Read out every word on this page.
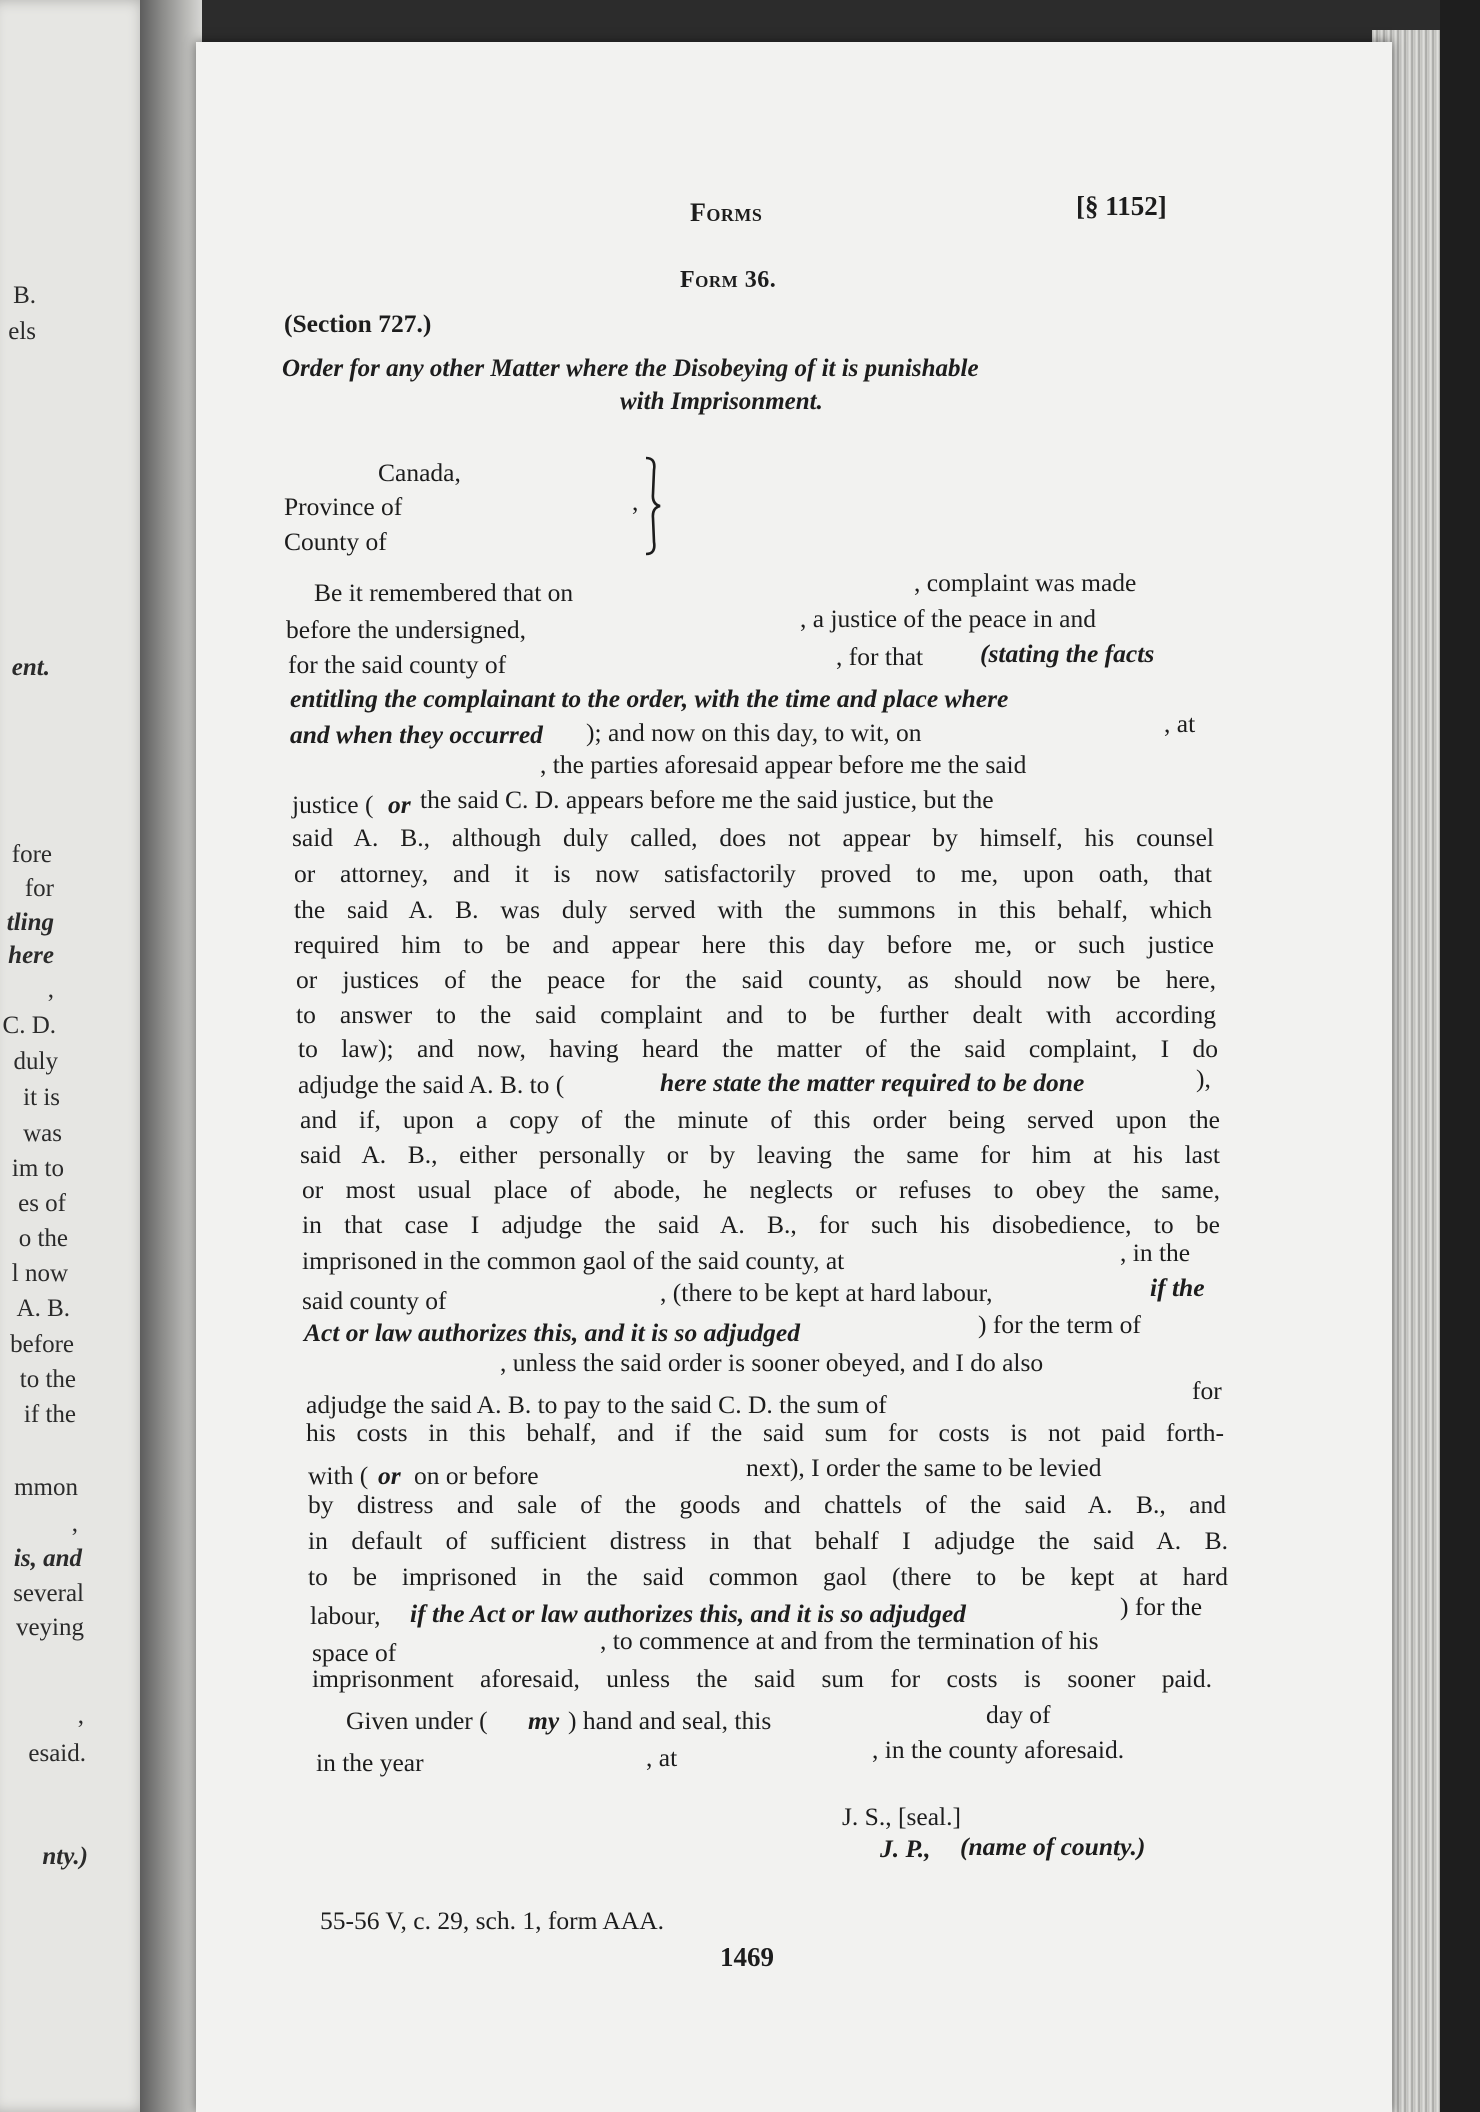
B.
els
ent.
fore
for
tling
here
,
C. D.
duly
it is
was
im to
es of
o the
l now
A. B.
before
to the
if the
mmon
,
is, and
several
veying
,
esaid.
nty.)
Forms	[§ 1152]
Form 36.
(Section 727.)
Order for any other Matter where the Disobeying of it is punishable
with Imprisonment.
Canada,
Province of	,
County of
Be it remembered that on	, complaint was made
before the undersigned,	, a justice of the peace in and
for the said county of	, for that (stating the facts
entitling the complainant to the order, with the time and place where
and when they occurred ); and now on this day, to wit, on	, at
, the parties aforesaid appear before me the said
justice ( or the said C. D. appears before me the said justice, but the
said A. B., although duly called, does not appear by himself, his counsel
or attorney, and it is now satisfactorily proved to me, upon oath, that
the said A. B. was duly served with the summons in this behalf, which
required him to be and appear here this day before me, or such justice
or justices of the peace for the said county, as should now be here,
to answer to the said complaint and to be further dealt with according
to law); and now, having heard the matter of the said complaint, I do
adjudge the said A. B. to (	here state the matter required to be done	),
and if, upon a copy of the minute of this order being served upon the
said A. B., either personally or by leaving the same for him at his last
or most usual place of abode, he neglects or refuses to obey the same,
in that case I adjudge the said A. B., for such his disobedience, to be
imprisoned in the common gaol of the said county, at	, in the
said county of	, (there to be kept at hard labour,	if the
Act or law authorizes this, and it is so adjudged	) for the term of
, unless the said order is sooner obeyed, and I do also
adjudge the said A. B. to pay to the said C. D. the sum of	for
his costs in this behalf, and if the said sum for costs is not paid forth-
with ( or on or before	next), I order the same to be levied
by distress and sale of the goods and chattels of the said A. B., and
in default of sufficient distress in that behalf I adjudge the said A. B.
to be imprisoned in the said common gaol (there to be kept at hard
labour, if the Act or law authorizes this, and it is so adjudged	) for the
space of	, to commence at and from the termination of his
imprisonment aforesaid, unless the said sum for costs is sooner paid.
Given under ( my ) hand and seal, this	day of
in the year	, at	, in the county aforesaid.
J. S., [seal.]
J. P., (name of county.)
55-56 V, c. 29, sch. 1, form AAA.
1469
